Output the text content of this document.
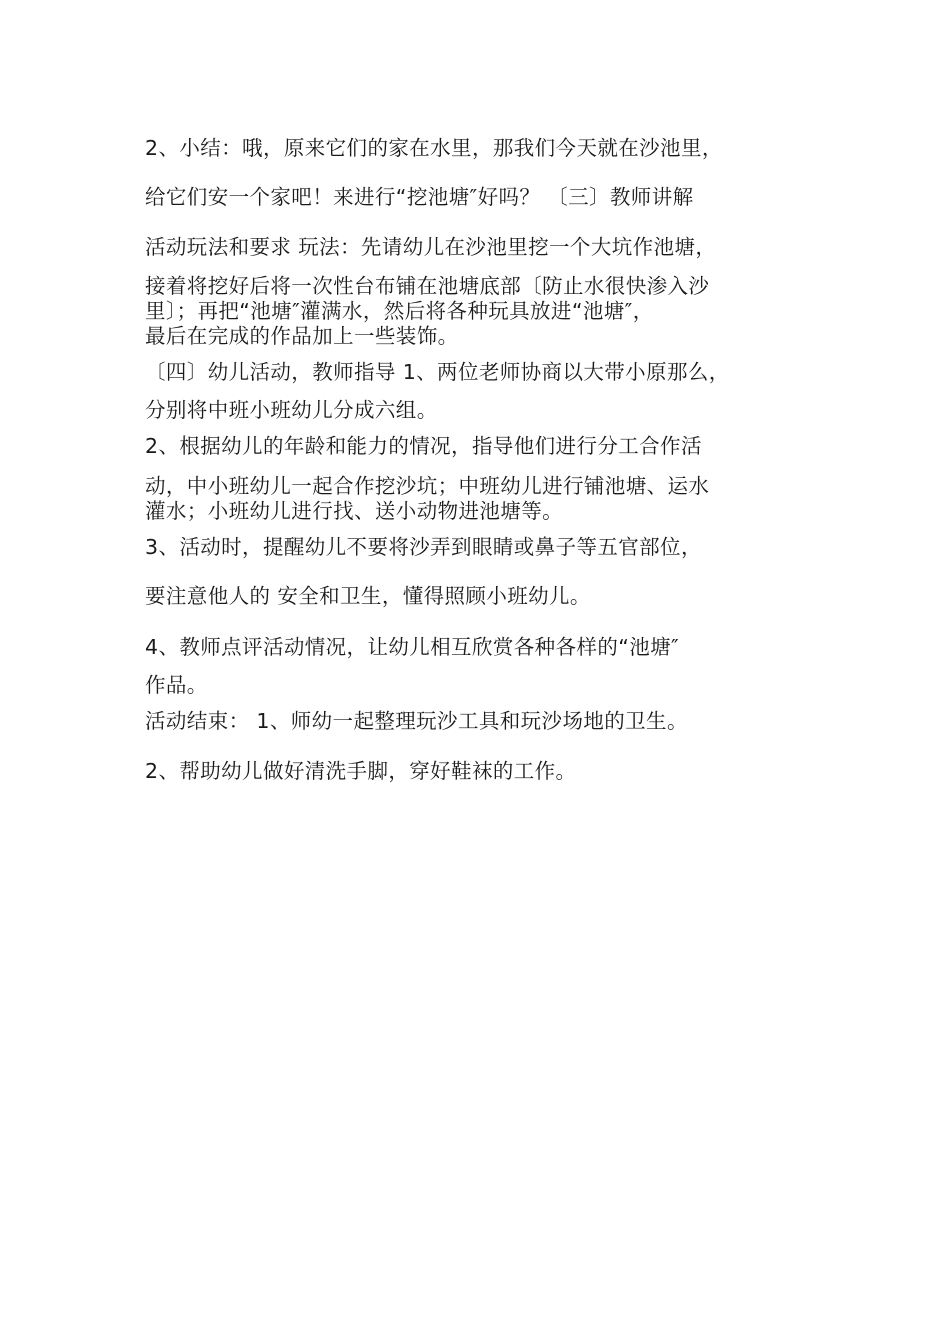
2、小结：哦，原来它们的家在水里，那我们今天就在沙池里，
给它们安一个家吧！来进行“挖池塘″好吗？ 〔三〕教师讲解
活动玩法和要求 玩法：先请幼儿在沙池里挖一个大坑作池塘，
接着将挖好后将一次性台布铺在池塘底部〔防止水很快渗入沙
里〕；再把“池塘″灌满水，然后将各种玩具放进“池塘″，
最后在完成的作品加上一些装饰。
〔四〕幼儿活动，教师指导 1、两位老师协商以大带小原那么，
分别将中班小班幼儿分成六组。
2、根据幼儿的年龄和能力的情况，指导他们进行分工合作活
动，中小班幼儿一起合作挖沙坑；中班幼儿进行铺池塘、运水
灌水；小班幼儿进行找、送小动物进池塘等。
3、活动时，提醒幼儿不要将沙弄到眼睛或鼻子等五官部位，
要注意他人的 安全和卫生，懂得照顾小班幼儿。
4、教师点评活动情况，让幼儿相互欣赏各种各样的“池塘″
作品。
活动结束： 1、师幼一起整理玩沙工具和玩沙场地的卫生。
2、帮助幼儿做好清洗手脚，穿好鞋袜的工作。
